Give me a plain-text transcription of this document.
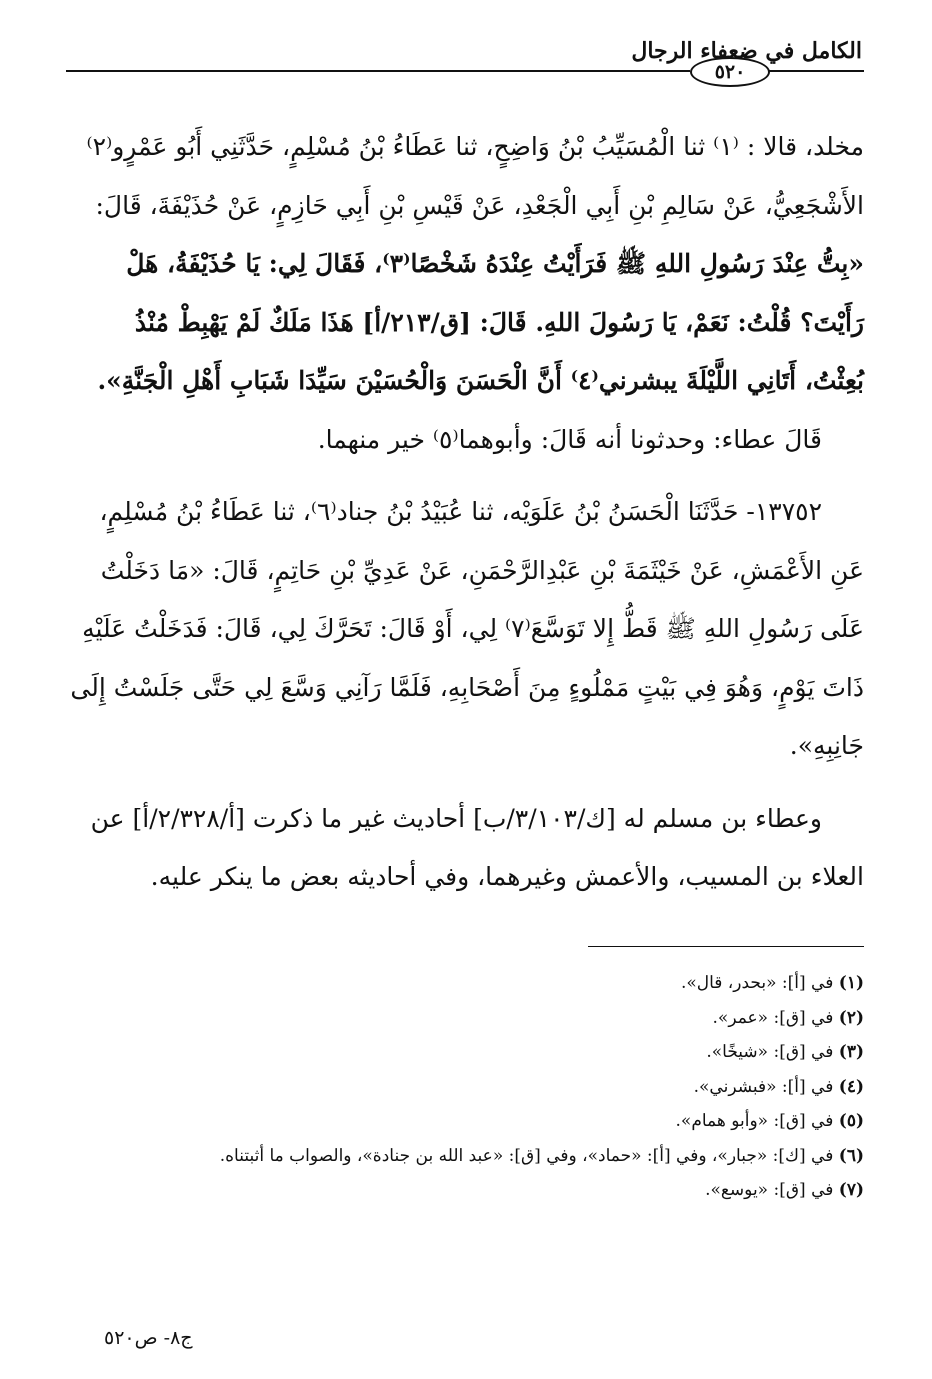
الكامل في ضعفاء الرجال
٥٢٠
مخلد، قالا : ⁽١⁾ ثنا الْمُسَيِّبُ بْنُ وَاضِحٍ، ثنا عَطَاءُ بْنُ مُسْلِمٍ، حَدَّثَنِي أَبُو عَمْرٍو⁽٢⁾
الأَشْجَعِيُّ، عَنْ سَالِمِ بْنِ أَبِي الْجَعْدِ، عَنْ قَيْسِ بْنِ أَبِي حَازِمٍ، عَنْ حُذَيْفَةَ، قَالَ:
«بِتُّ عِنْدَ رَسُولِ اللهِ ﷺ فَرَأَيْتُ عِنْدَهُ شَخْصًا⁽٣⁾، فَقَالَ لِي: يَا حُذَيْفَةُ، هَلْ
رَأَيْتَ؟ قُلْتُ: نَعَمْ، يَا رَسُولَ اللهِ. قَالَ: [ق/٢١٣/أ] هَذَا مَلَكٌ لَمْ يَهْبِطْ مُنْذُ
بُعِثْتُ، أَتَانِي اللَّيْلَةَ يبشرني⁽٤⁾ أَنَّ الْحَسَنَ وَالْحُسَيْنَ سَيِّدَا شَبَابِ أَهْلِ الْجَنَّةِ».
قَالَ عطاء: وحدثونا أنه قَالَ: وأبوهما⁽٥⁾ خير منهما.
١٣٧٥٢- حَدَّثَنَا الْحَسَنُ بْنُ عَلَوَيْه، ثنا عُبَيْدُ بْنُ جناد⁽٦⁾، ثنا عَطَاءُ بْنُ مُسْلِمٍ،
عَنِ الأَعْمَشِ، عَنْ خَيْثَمَةَ بْنِ عَبْدِالرَّحْمَنِ، عَنْ عَدِيِّ بْنِ حَاتِمٍ، قَالَ: «مَا دَخَلْتُ
عَلَى رَسُولِ اللهِ ﷺ قَطُّ إِلا تَوَسَّعَ⁽٧⁾ لِي، أَوْ قَالَ: تَحَرَّكَ لِي، قَالَ: فَدَخَلْتُ عَلَيْهِ
ذَاتَ يَوْمٍ، وَهُوَ فِي بَيْتٍ مَمْلُوءٍ مِنَ أَصْحَابِهِ، فَلَمَّا رَآنِي وَسَّعَ لِي حَتَّى جَلَسْتُ إِلَى
جَانِبِهِ».
وعطاء بن مسلم له [ك/٣/١٠٣/ب] أحاديث غير ما ذكرت [أ/٢/٣٢٨/أ] عن
العلاء بن المسيب، والأعمش وغيرهما، وفي أحاديثه بعض ما ينكر عليه.
(١) في [أ]: «بحدر، قال».
(٢) في [ق]: «عمر».
(٣) في [ق]: «شيخًا».
(٤) في [أ]: «فبشرني».
(٥) في [ق]: «وأبو همام».
(٦) في [ك]: «جبار»، وفي [أ]: «حماد»، وفي [ق]: «عبد الله بن جنادة»، والصواب ما أثبتناه.
(٧) في [ق]: «يوسع».
ج٨- ص٥٢٠
